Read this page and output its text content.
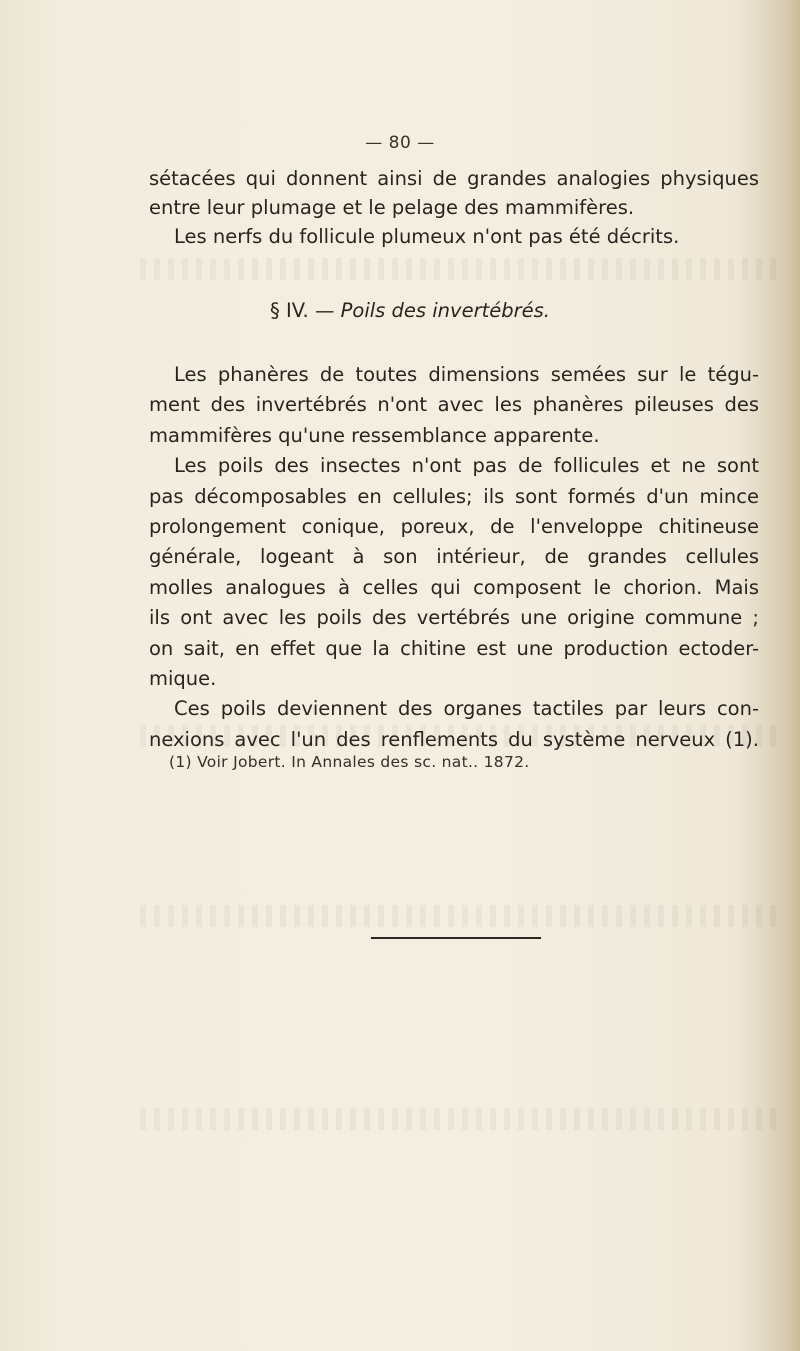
— 80 —
sétacées qui donnent ainsi de grandes analogies physiques
entre leur plumage et le pelage des mammifères.
Les nerfs du follicule plumeux n'ont pas été décrits.
§ IV. — Poils des invertébrés.
Les phanères de toutes dimensions semées sur le tégu-
ment des invertébrés n'ont avec les phanères pileuses des
mammifères qu'une ressemblance apparente.
Les poils des insectes n'ont pas de follicules et ne sont
pas décomposables en cellules; ils sont formés d'un mince
prolongement conique, poreux, de l'enveloppe chitineuse
générale, logeant à son intérieur, de grandes cellules
molles analogues à celles qui composent le chorion. Mais
ils ont avec les poils des vertébrés une origine commune ;
on sait, en effet que la chitine est une production ectoder-
mique.
Ces poils deviennent des organes tactiles par leurs con-
nexions avec l'un des renflements du système nerveux (1).
(1) Voir Jobert. In Annales des sc. nat.. 1872.
